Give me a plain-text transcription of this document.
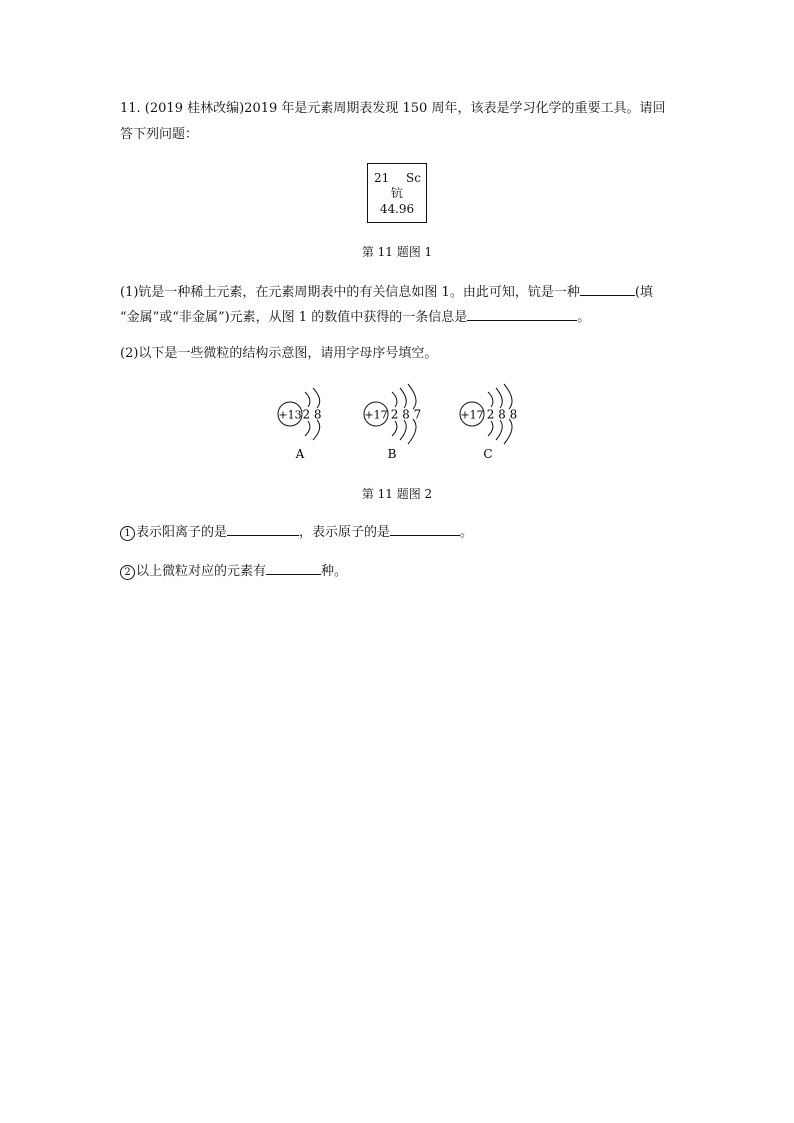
11. (2019 桂林改编)2019 年是元素周期表发现 150 周年，该表是学习化学的重要工具。请回
答下列问题：
21 Sc
钪
44.96
第 11 题图 1
(1)钪是一种稀土元素，在元素周期表中的有关信息如图 1。由此可知，钪是一种	(填
“金属”或“非金属”)元素，从图 1 的数值中获得的一条信息是	。
(2)以下是一些微粒的结构示意图，请用字母序号填空。
+13 2 8
A
+17 2 8 7
B
+17 2 8 8
C
第 11 题图 2
1 表示阳离子的是	，表示原子的是	。
2 以上微粒对应的元素有	种。
